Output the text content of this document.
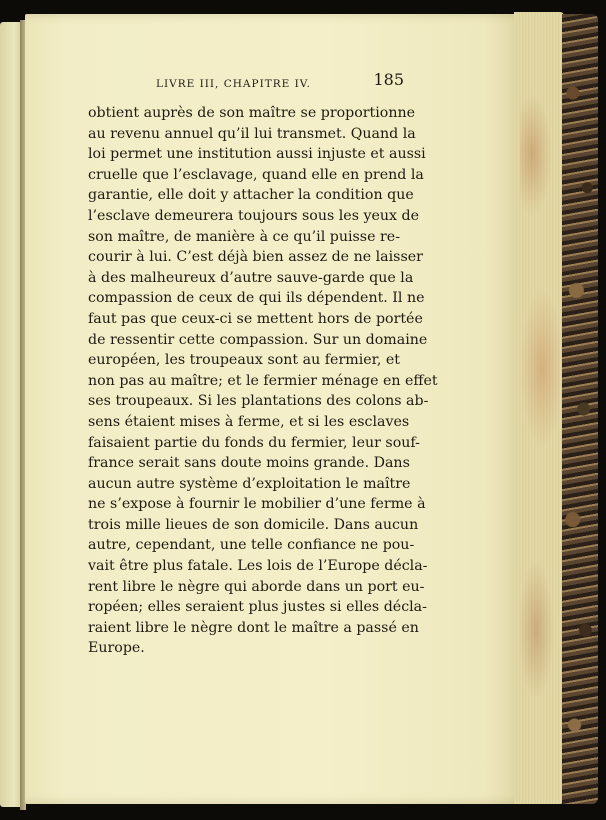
LIVRE III, CHAPITRE IV.	185
obtient auprès de son maître se proportionne
au revenu annuel qu’il lui transmet. Quand la
loi permet une institution aussi injuste et aussi
cruelle que l’esclavage, quand elle en prend la
garantie, elle doit y attacher la condition que
l’esclave demeurera toujours sous les yeux de
son maître, de manière à ce qu’il puisse re-
courir à lui. C’est déjà bien assez de ne laisser
à des malheureux d’autre sauve-garde que la
compassion de ceux de qui ils dépendent. Il ne
faut pas que ceux-ci se mettent hors de portée
de ressentir cette compassion. Sur un domaine
européen, les troupeaux sont au fermier, et
non pas au maître; et le fermier ménage en effet
ses troupeaux. Si les plantations des colons ab-
sens étaient mises à ferme, et si les esclaves
faisaient partie du fonds du fermier, leur souf-
france serait sans doute moins grande. Dans
aucun autre système d’exploitation le maître
ne s’expose à fournir le mobilier d’une ferme à
trois mille lieues de son domicile. Dans aucun
autre, cependant, une telle confiance ne pou-
vait être plus fatale. Les lois de l’Europe décla-
rent libre le nègre qui aborde dans un port eu-
ropéen; elles seraient plus justes si elles décla-
raient libre le nègre dont le maître a passé en
Europe.
